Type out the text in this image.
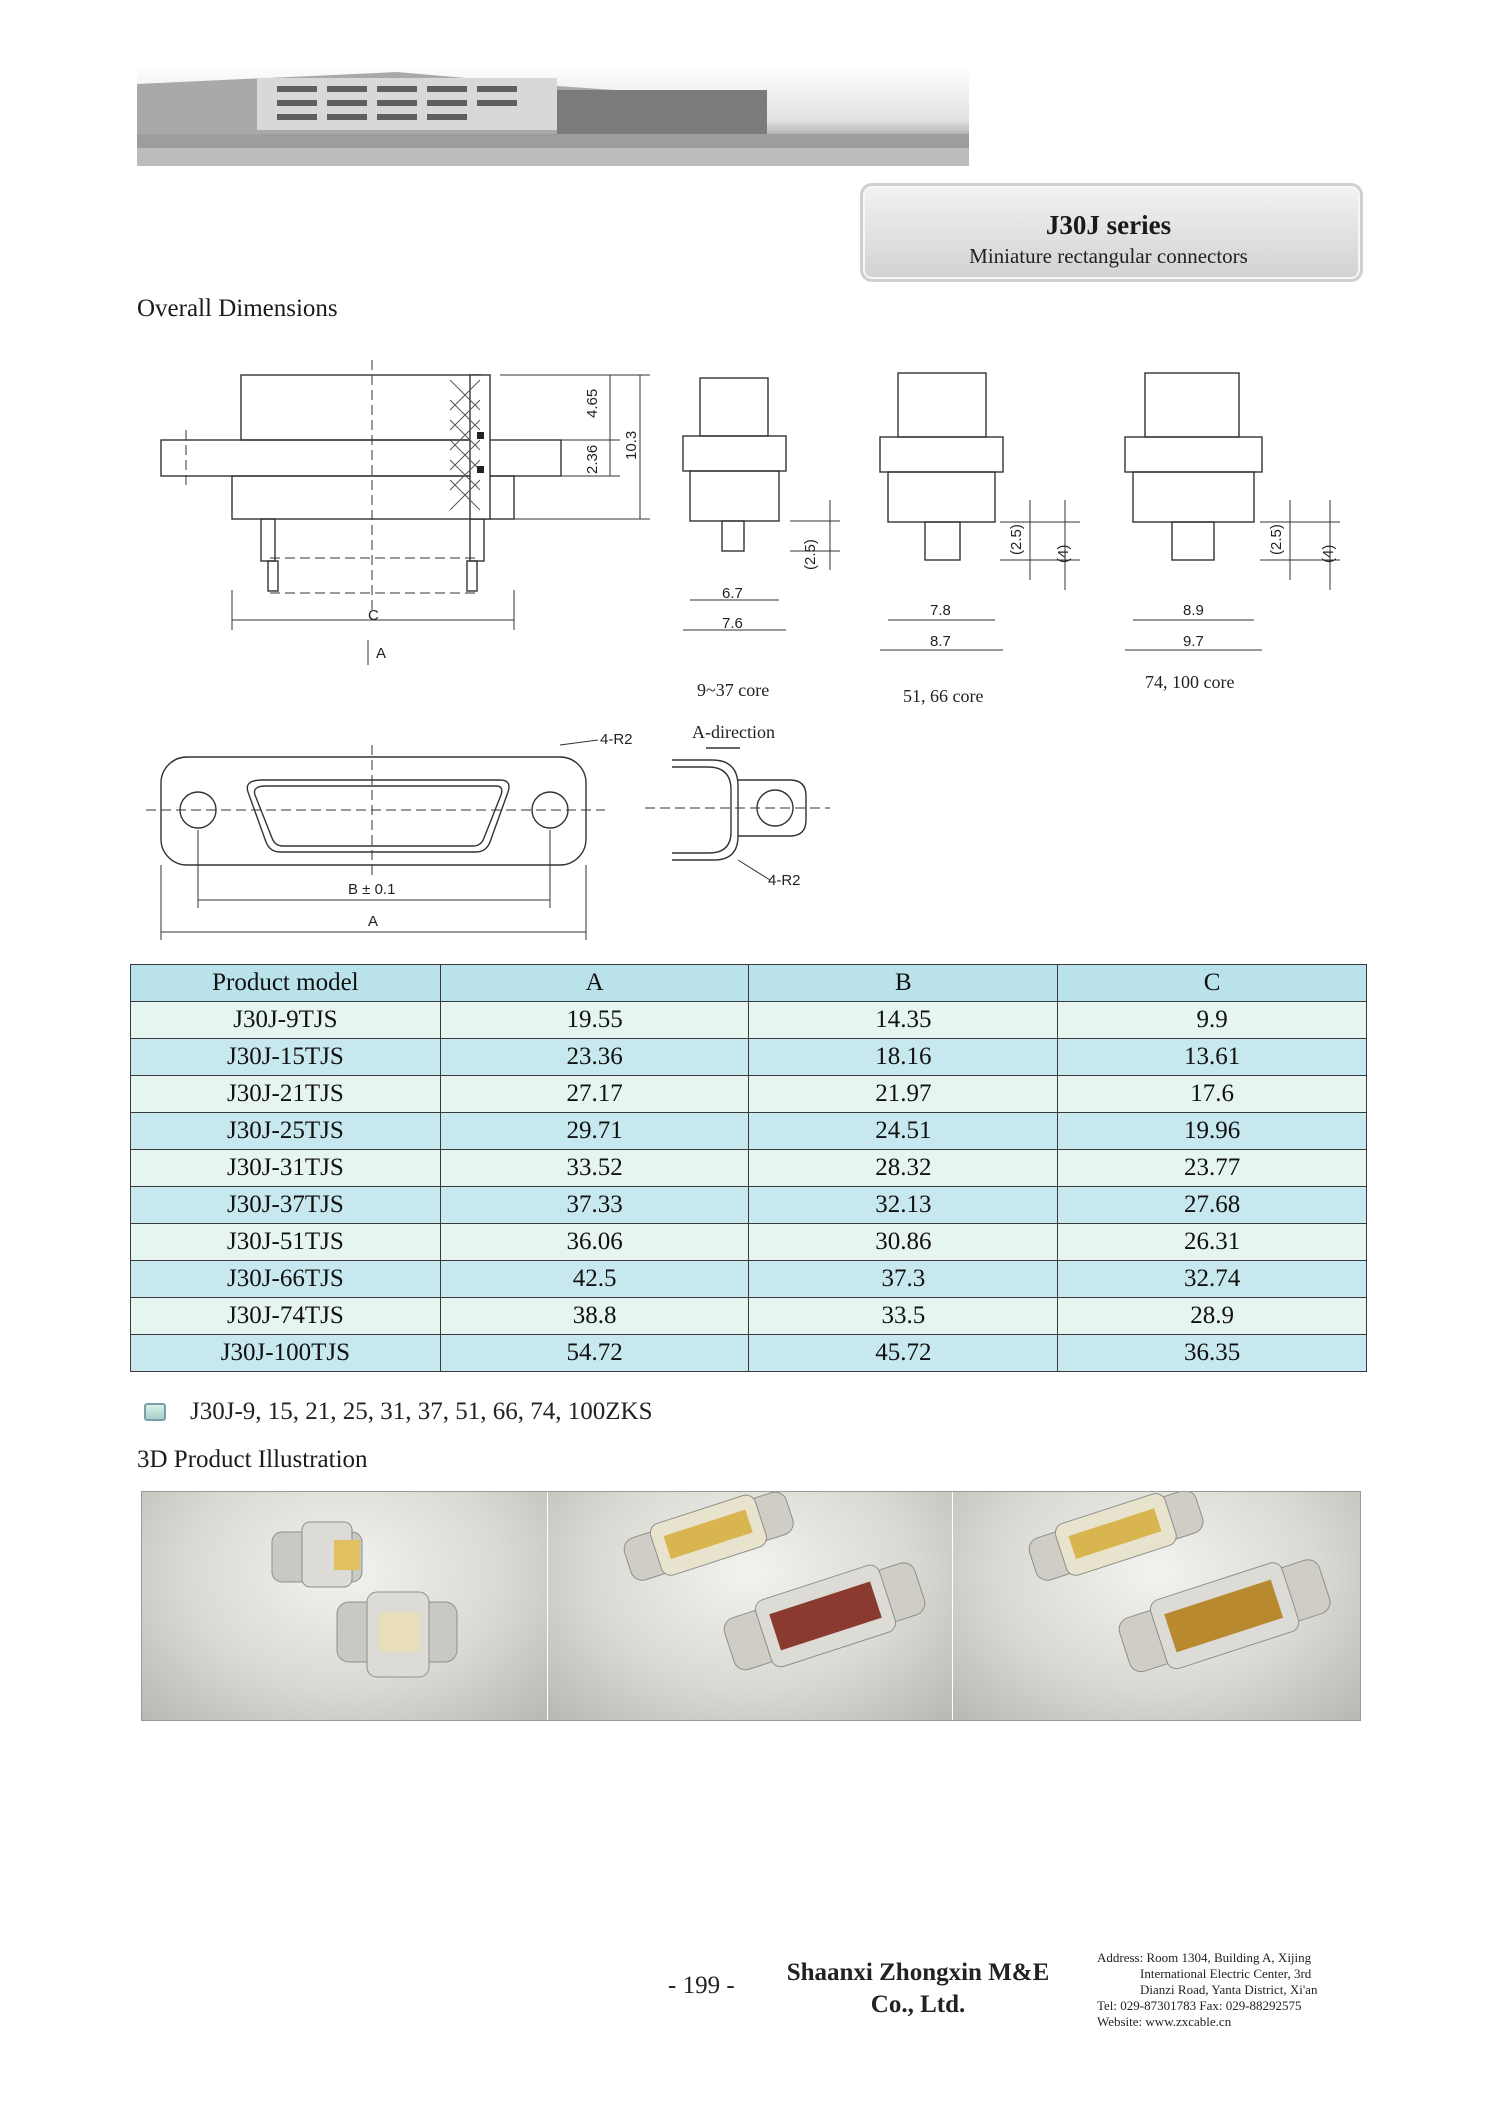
J30J series
Miniature rectangular connectors
Overall Dimensions
4.65
2.36 10.3
C
A
6.7
7.6
(2.5)
9~37 core
7.8
8.7
(2.5) (4)
51, 66 core
8.9
9.7
(2.5) (4)
74, 100 core
4-R2
B ± 0.1
A
A-direction
4-R2
Product model	A	B	C
J30J-9TJS	19.55	14.35	9.9
J30J-15TJS	23.36	18.16	13.61
J30J-21TJS	27.17	21.97	17.6
J30J-25TJS	29.71	24.51	19.96
J30J-31TJS	33.52	28.32	23.77
J30J-37TJS	37.33	32.13	27.68
J30J-51TJS	36.06	30.86	26.31
J30J-66TJS	42.5	37.3	32.74
J30J-74TJS	38.8	33.5	28.9
J30J-100TJS	54.72	45.72	36.35
J30J-9, 15, 21, 25, 31, 37, 51, 66, 74, 100ZKS
3D Product Illustration
- 199 -	Shaanxi Zhongxin M&E
Co., Ltd.
Address: Room 1304, Building A, Xijing
International Electric Center, 3rd
Dianzi Road, Yanta District, Xi'an
Tel: 029-87301783 Fax: 029-88292575
Website: www.zxcable.cn
